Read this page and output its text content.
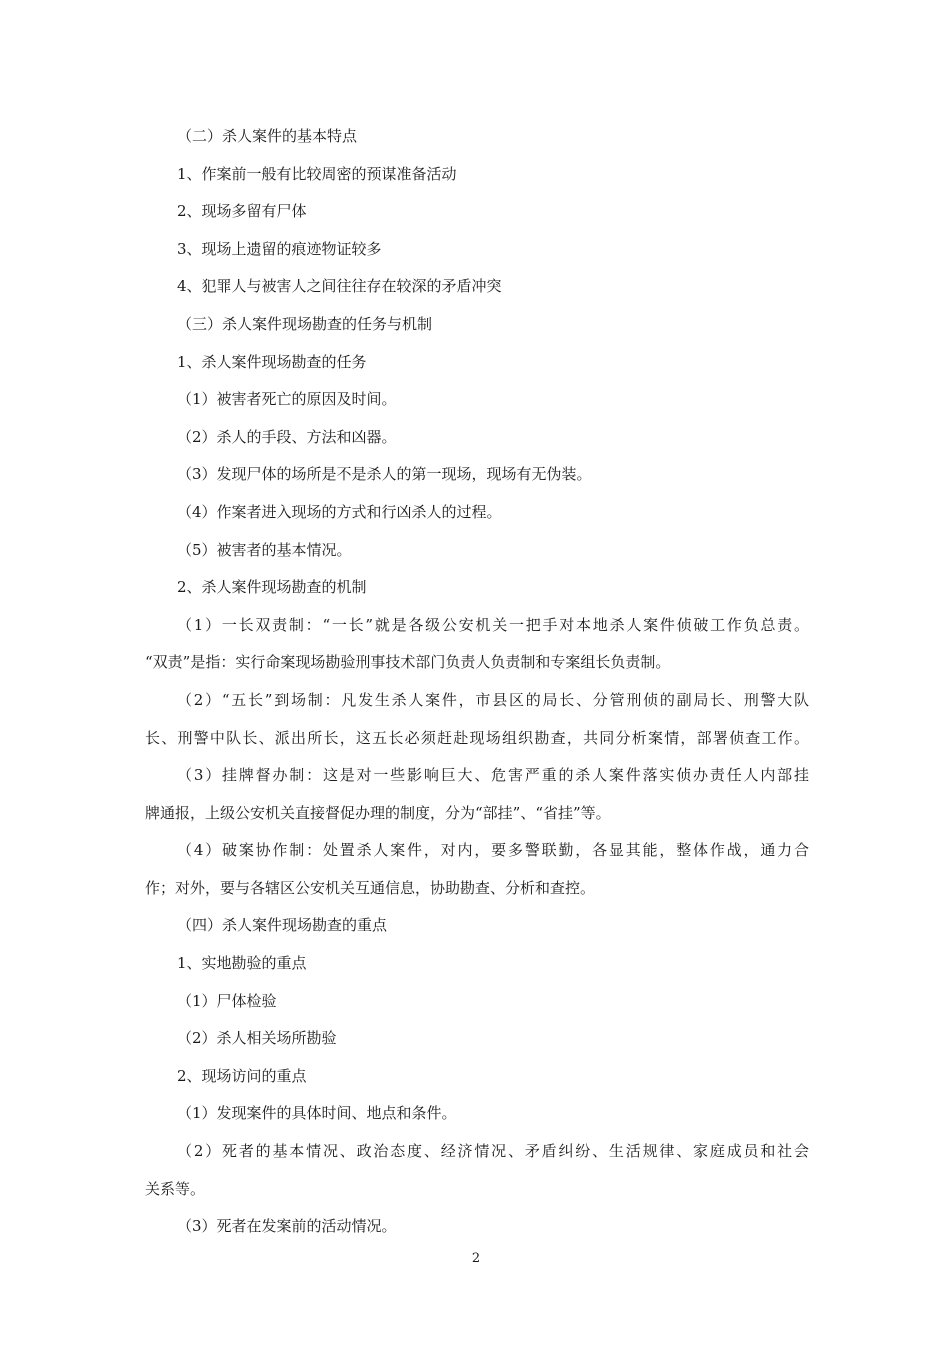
（二）杀人案件的基本特点
1、作案前一般有比较周密的预谋准备活动
2、现场多留有尸体
3、现场上遗留的痕迹物证较多
4、犯罪人与被害人之间往往存在较深的矛盾冲突
（三）杀人案件现场勘查的任务与机制
1、杀人案件现场勘查的任务
（1）被害者死亡的原因及时间。
（2）杀人的手段、方法和凶器。
（3）发现尸体的场所是不是杀人的第一现场，现场有无伪装。
（4）作案者进入现场的方式和行凶杀人的过程。
（5）被害者的基本情况。
2、杀人案件现场勘查的机制
（1）一长双责制：“一长”就是各级公安机关一把手对本地杀人案件侦破工作负总责。
“双责”是指：实行命案现场勘验刑事技术部门负责人负责制和专案组长负责制。
（2）“五长”到场制：凡发生杀人案件，市县区的局长、分管刑侦的副局长、刑警大队
长、刑警中队长、派出所长，这五长必须赶赴现场组织勘查，共同分析案情，部署侦查工作。
（3）挂牌督办制：这是对一些影响巨大、危害严重的杀人案件落实侦办责任人内部挂
牌通报，上级公安机关直接督促办理的制度，分为“部挂”、“省挂”等。
（4）破案协作制：处置杀人案件，对内，要多警联勤，各显其能，整体作战，通力合
作；对外，要与各辖区公安机关互通信息，协助勘查、分析和查控。
（四）杀人案件现场勘查的重点
1、实地勘验的重点
（1）尸体检验
（2）杀人相关场所勘验
2、现场访问的重点
（1）发现案件的具体时间、地点和条件。
（2）死者的基本情况、政治态度、经济情况、矛盾纠纷、生活规律、家庭成员和社会
关系等。
（3）死者在发案前的活动情况。
2
